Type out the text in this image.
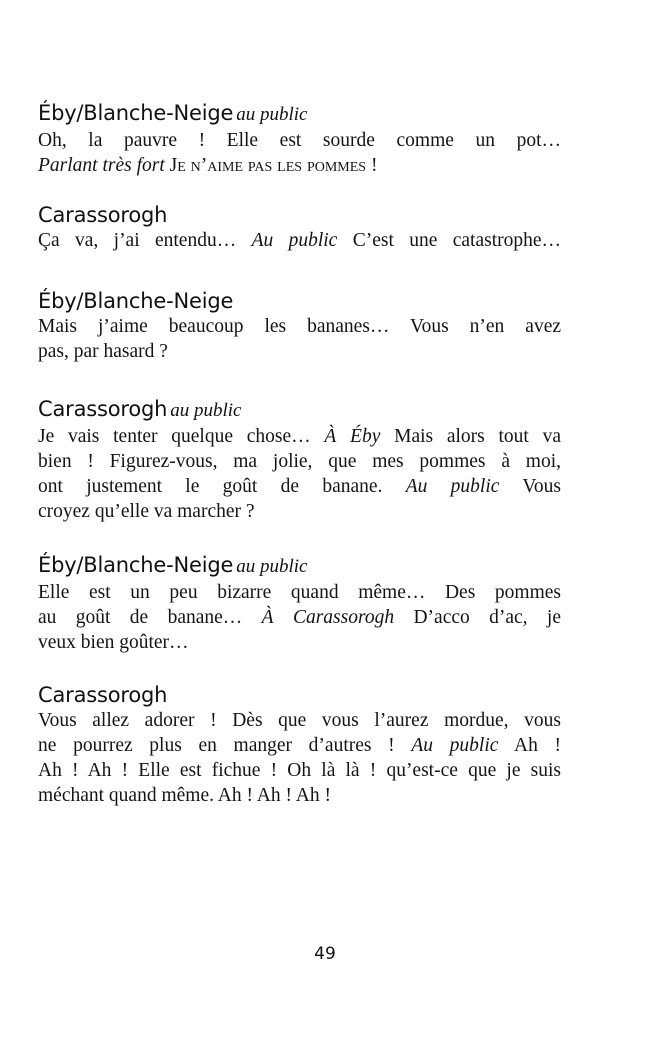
Éby/Blanche-Neige au public

Oh, la pauvre ! Elle est sourde comme un pot…

Parlant très fort Je n’aime pas les pommes !

Carassorogh

Ça va, j’ai entendu… Au public C’est une catastrophe…

Éby/Blanche-Neige

Mais j’aime beaucoup les bananes… Vous n’en avez

pas, par hasard ?

Carassorogh au public

Je vais tenter quelque chose… À Éby Mais alors tout va

bien ! Figurez-vous, ma jolie, que mes pommes à moi,

ont justement le goût de banane. Au public Vous

croyez qu’elle va marcher ?

Éby/Blanche-Neige au public

Elle est un peu bizarre quand même… Des pommes

au goût de banane… À Carassorogh D’acco d’ac, je

veux bien goûter…

Carassorogh

Vous allez adorer ! Dès que vous l’aurez mordue, vous

ne pourrez plus en manger d’autres ! Au public Ah !

Ah ! Ah ! Elle est fichue ! Oh là là ! qu’est-ce que je suis

méchant quand même. Ah ! Ah ! Ah !

49
